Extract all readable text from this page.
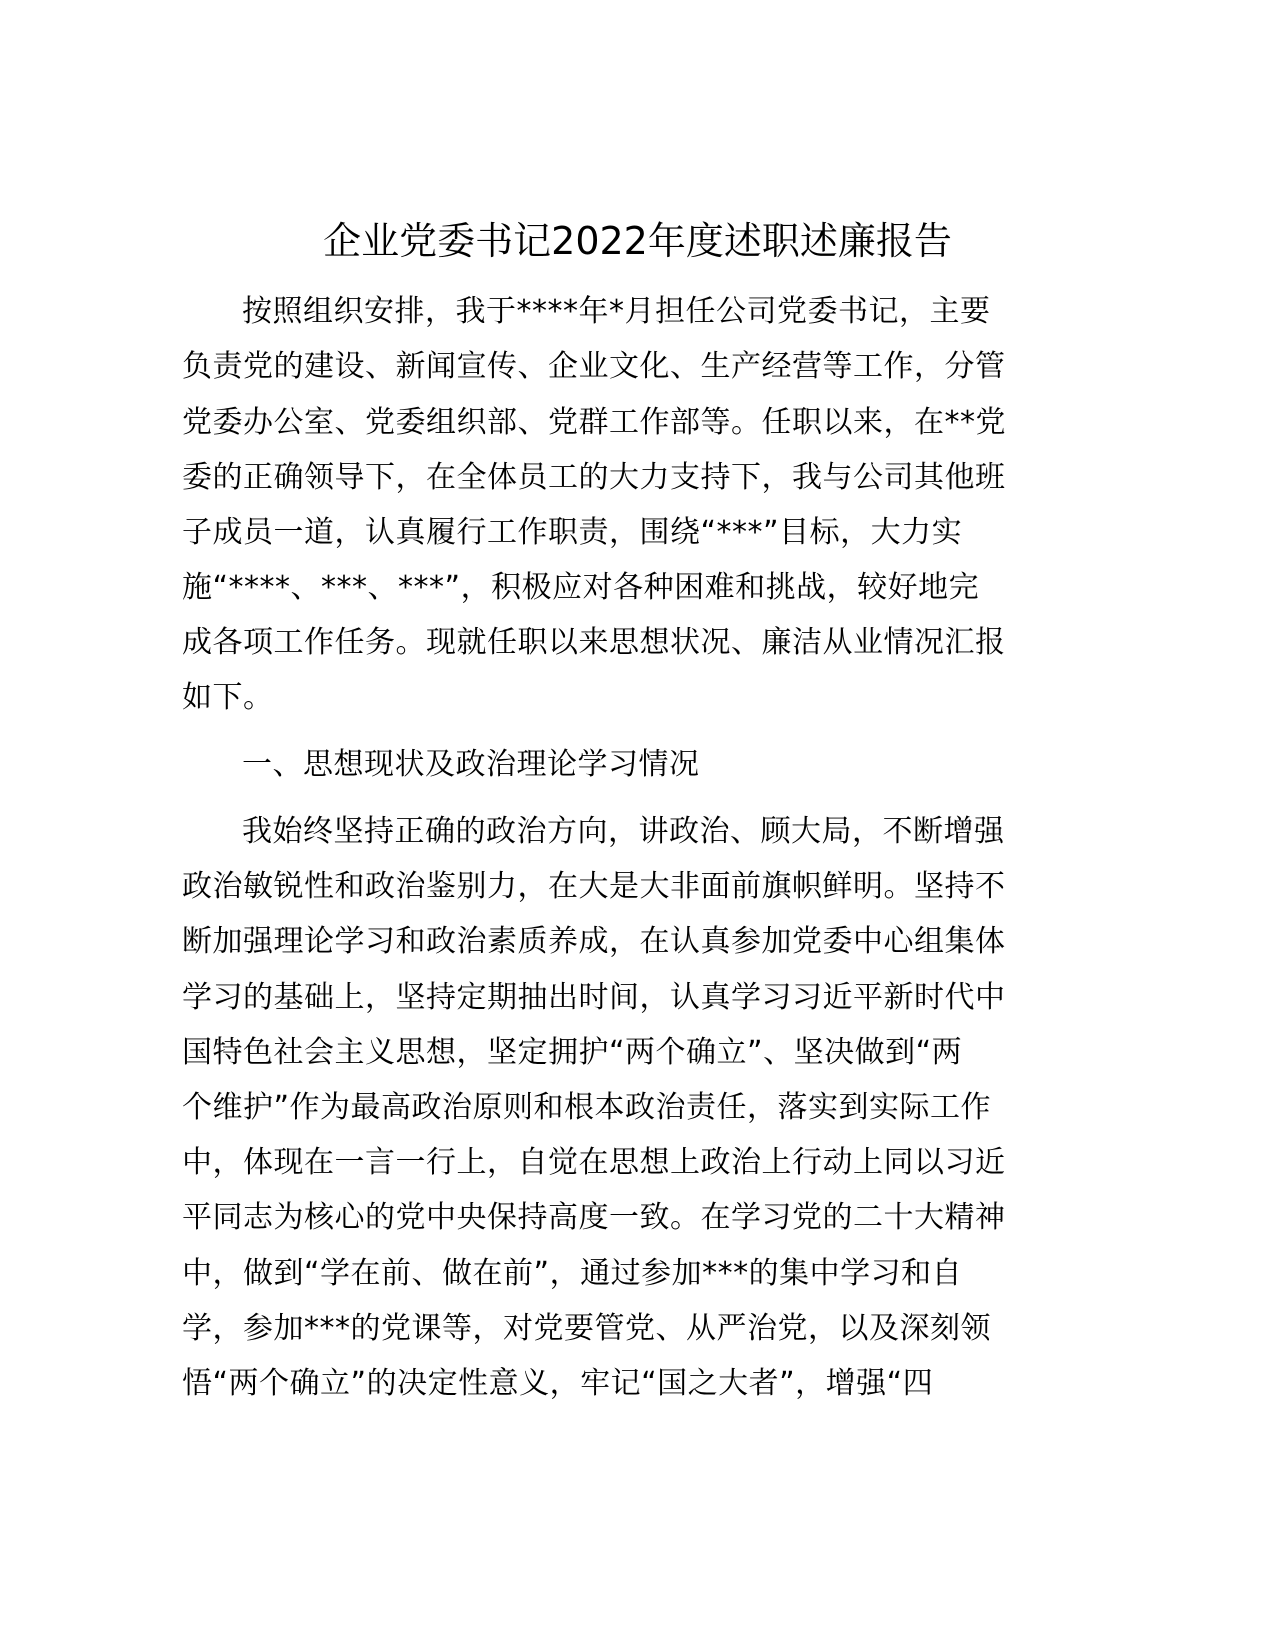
企业党委书记2022年度述职述廉报告
按照组织安排，我于****年*月担任公司党委书记，主要
负责党的建设、新闻宣传、企业文化、生产经营等工作，分管
党委办公室、党委组织部、党群工作部等。任职以来，在**党
委的正确领导下，在全体员工的大力支持下，我与公司其他班
子成员一道，认真履行工作职责，围绕“***”目标，大力实
施“****、***、***”，积极应对各种困难和挑战，较好地完
成各项工作任务。现就任职以来思想状况、廉洁从业情况汇报
如下。
一、思想现状及政治理论学习情况
我始终坚持正确的政治方向，讲政治、顾大局，不断增强
政治敏锐性和政治鉴别力，在大是大非面前旗帜鲜明。坚持不
断加强理论学习和政治素质养成，在认真参加党委中心组集体
学习的基础上，坚持定期抽出时间，认真学习习近平新时代中
国特色社会主义思想，坚定拥护“两个确立”、坚决做到“两
个维护”作为最高政治原则和根本政治责任，落实到实际工作
中，体现在一言一行上，自觉在思想上政治上行动上同以习近
平同志为核心的党中央保持高度一致。在学习党的二十大精神
中，做到“学在前、做在前”，通过参加***的集中学习和自
学，参加***的党课等，对党要管党、从严治党，以及深刻领
悟“两个确立”的决定性意义，牢记“国之大者”，增强“四
